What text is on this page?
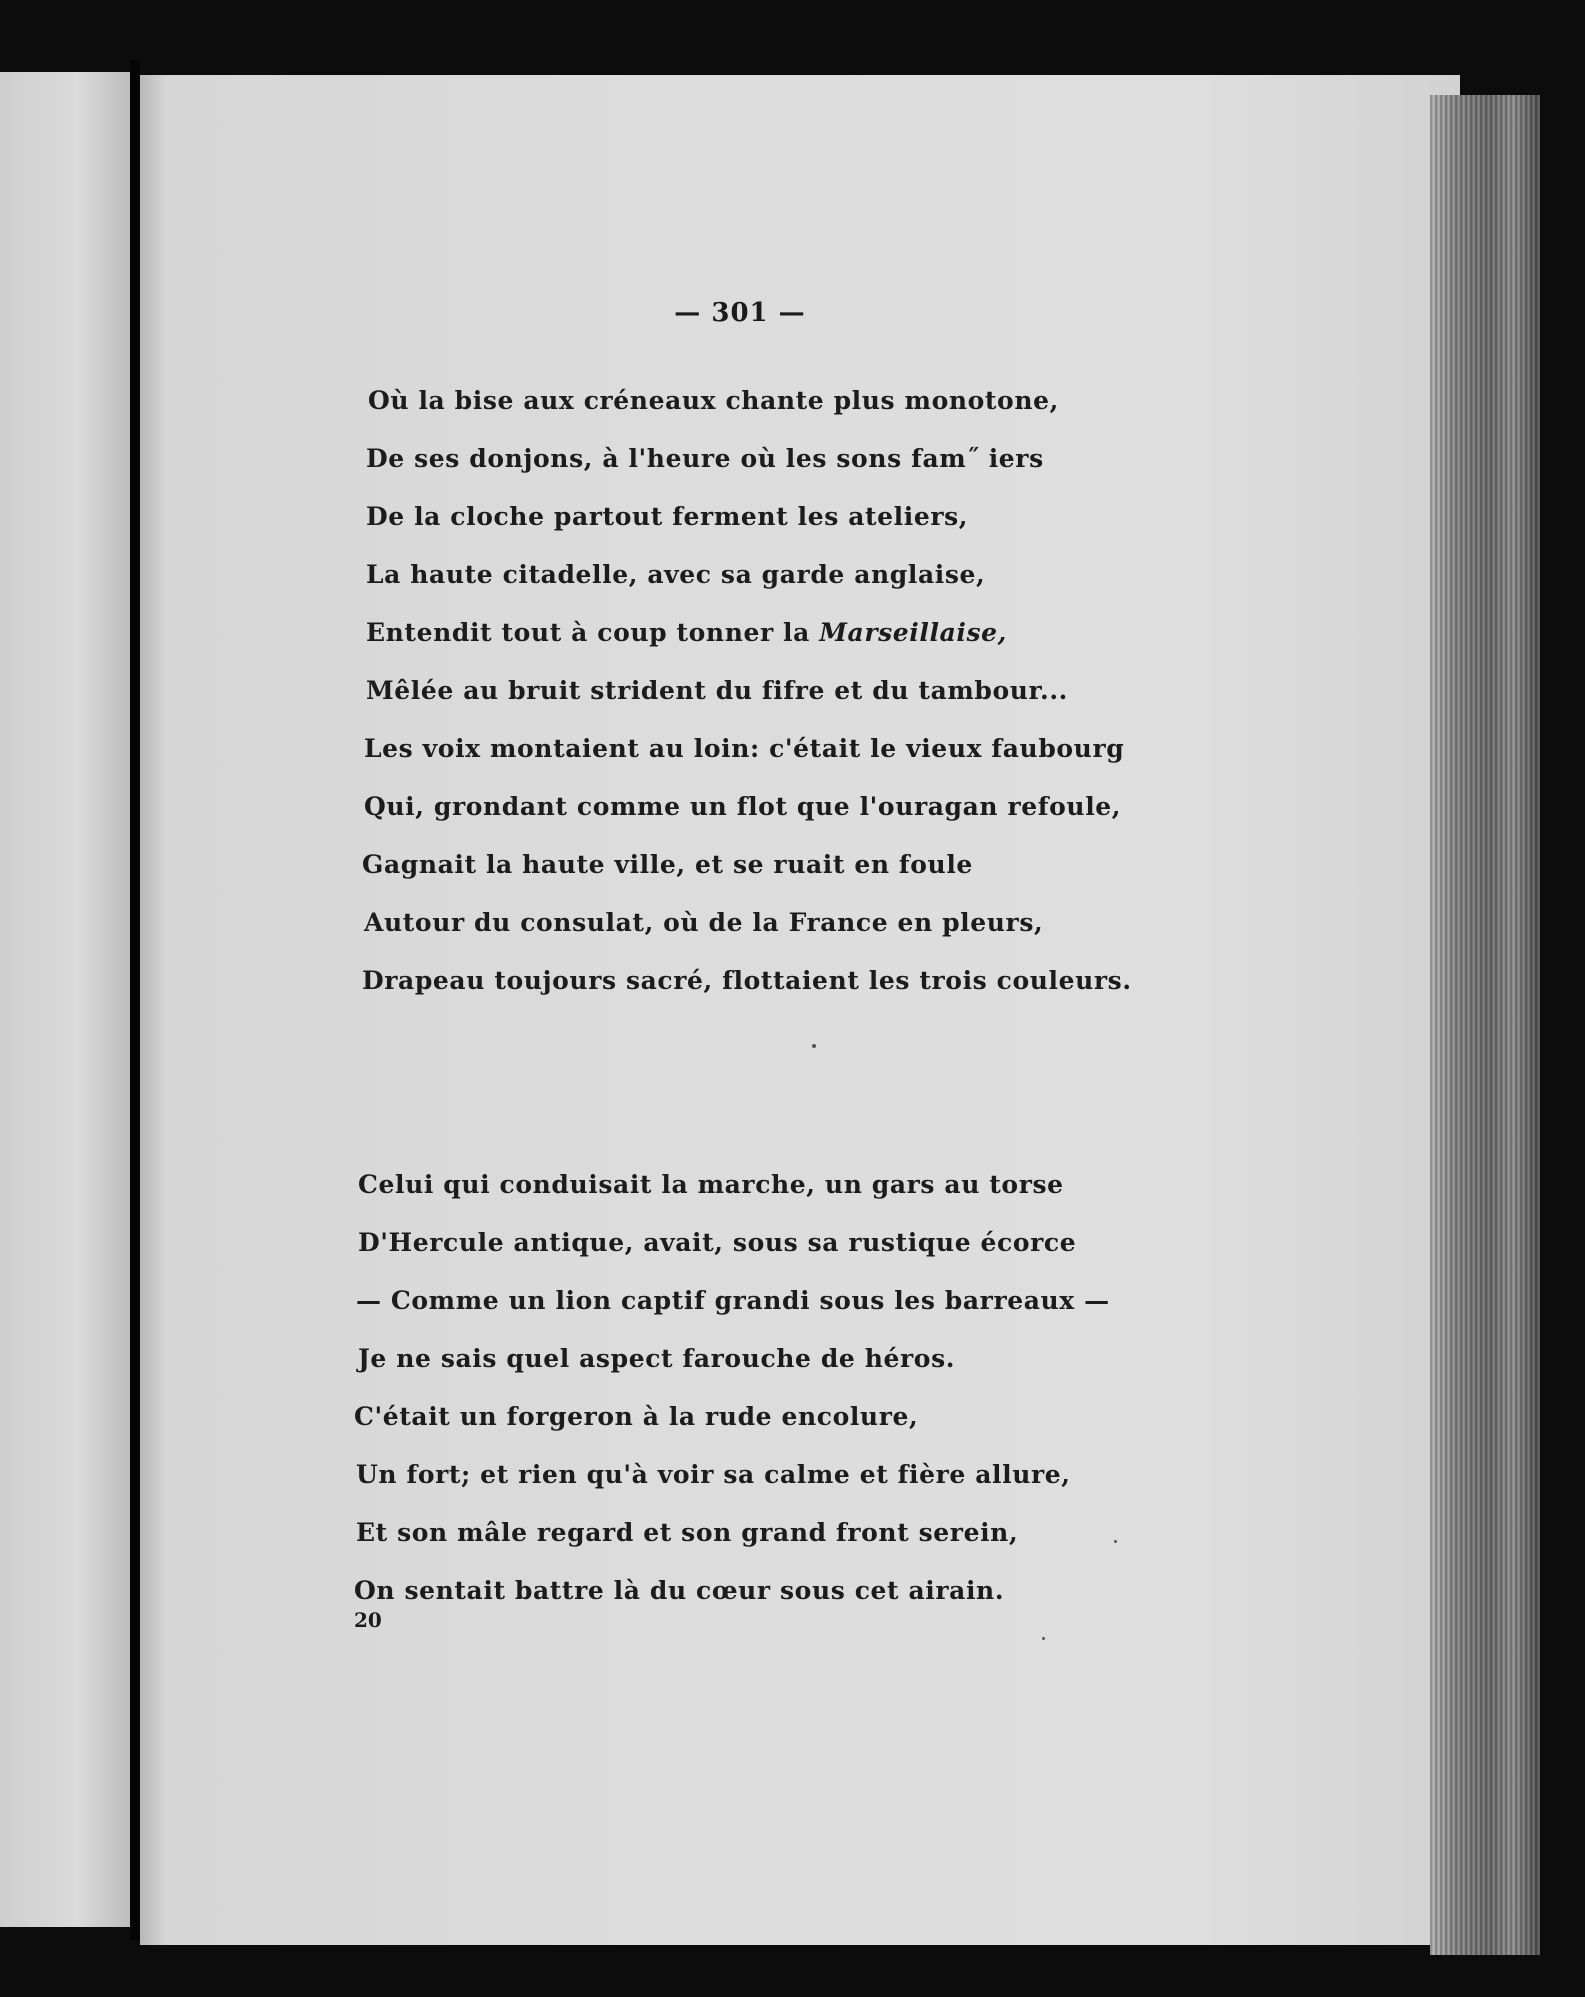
— 301 —
Où la bise aux créneaux chante plus monotone,
De ses donjons, à l'heure où les sons fam˝ iers
De la cloche partout ferment les ateliers,
La haute citadelle, avec sa garde anglaise,
Entendit tout à coup tonner la Marseillaise,
Mêlée au bruit strident du fifre et du tambour...
Les voix montaient au loin: c'était le vieux faubourg
Qui, grondant comme un flot que l'ouragan refoule,
Gagnait la haute ville, et se ruait en foule
Autour du consulat, où de la France en pleurs,
Drapeau toujours sacré, flottaient les trois couleurs.
Celui qui conduisait la marche, un gars au torse
D'Hercule antique, avait, sous sa rustique écorce
— Comme un lion captif grandi sous les barreaux —
Je ne sais quel aspect farouche de héros.
C'était un forgeron à la rude encolure,
Un fort; et rien qu'à voir sa calme et fière allure,
Et son mâle regard et son grand front serein,
On sentait battre là du cœur sous cet airain.
20
